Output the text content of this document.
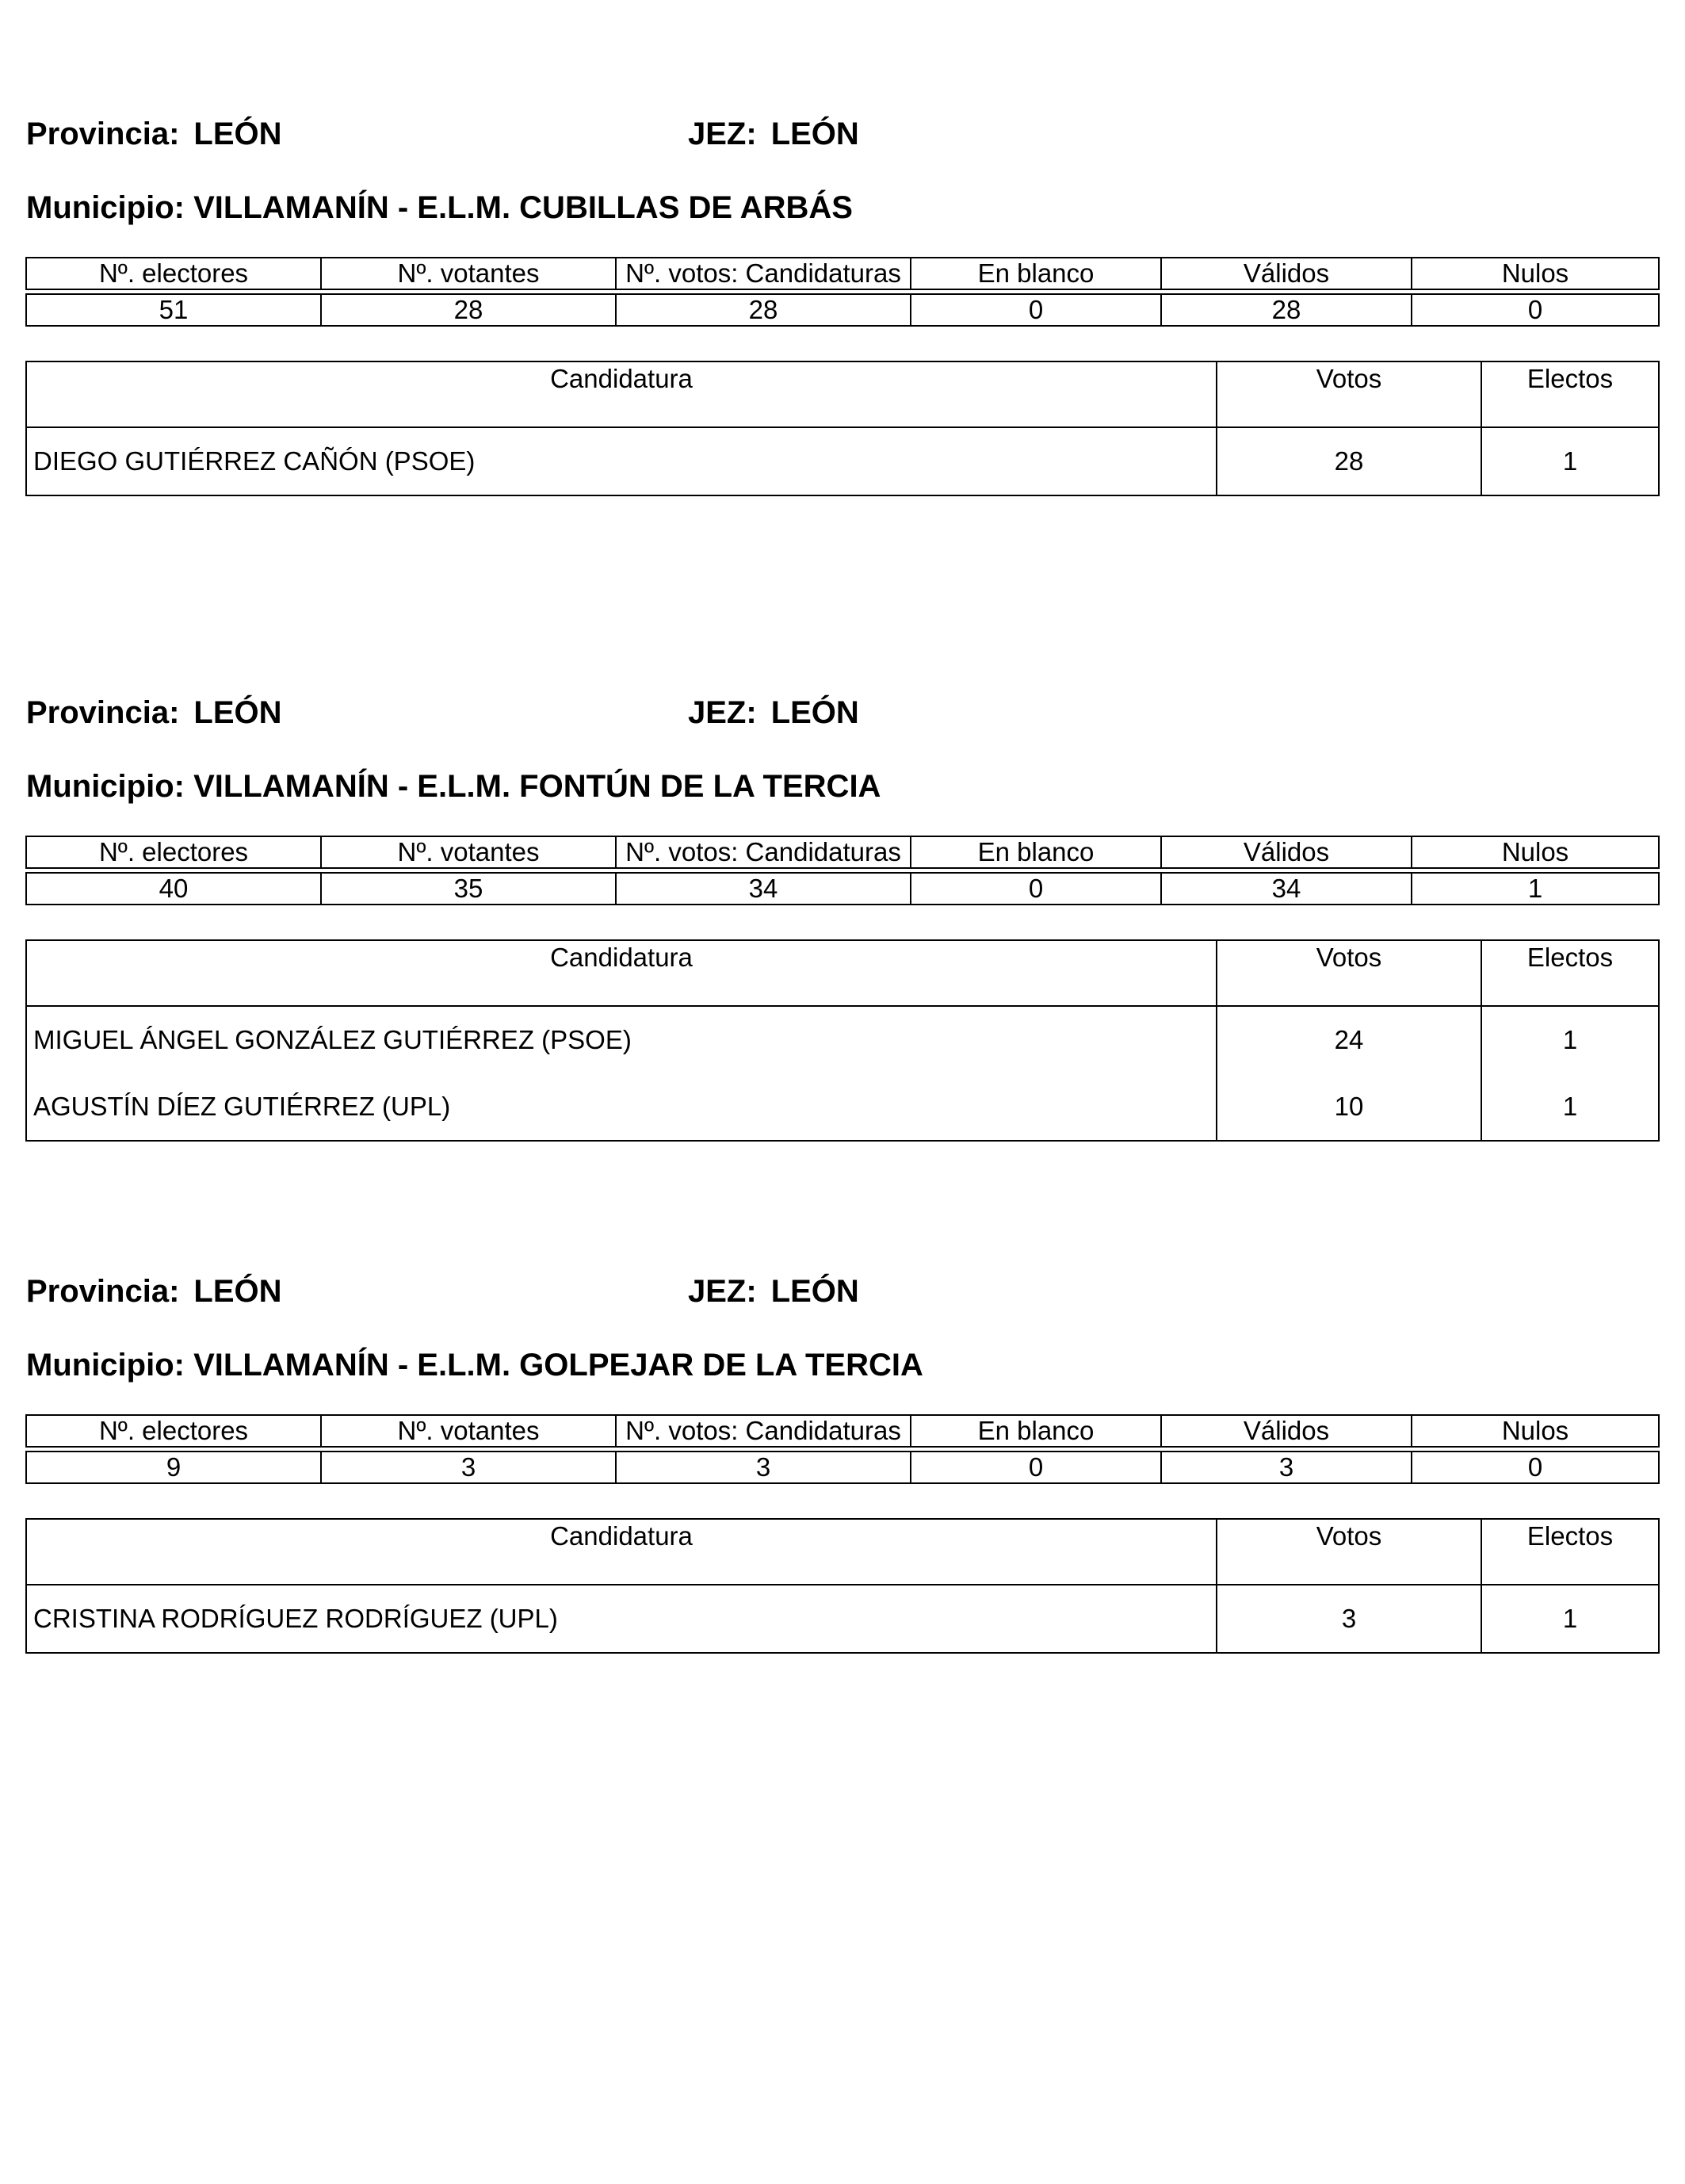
Provincia: LEÓN	JEZ: LEÓN
Municipio: VILLAMANÍN - E.L.M. CUBILLAS DE ARBÁS
Nº. electores	Nº. votantes	Nº. votos: Candidaturas	En blanco	Válidos	Nulos

51	28	28	0	28	0
Candidatura	Votos	Electos
DIEGO GUTIÉRREZ CAÑÓN (PSOE)	28	1
Provincia: LEÓN	JEZ: LEÓN
Municipio: VILLAMANÍN - E.L.M. FONTÚN DE LA TERCIA
Nº. electores	Nº. votantes	Nº. votos: Candidaturas	En blanco	Válidos	Nulos

40	35	34	0	34	1
Candidatura	Votos	Electos
MIGUEL ÁNGEL GONZÁLEZ GUTIÉRREZ (PSOE)	24	1
AGUSTÍN DÍEZ GUTIÉRREZ (UPL)	10	1
Provincia: LEÓN	JEZ: LEÓN
Municipio: VILLAMANÍN - E.L.M. GOLPEJAR DE LA TERCIA
Nº. electores	Nº. votantes	Nº. votos: Candidaturas	En blanco	Válidos	Nulos

9	3	3	0	3	0
Candidatura	Votos	Electos
CRISTINA RODRÍGUEZ RODRÍGUEZ (UPL)	3	1
